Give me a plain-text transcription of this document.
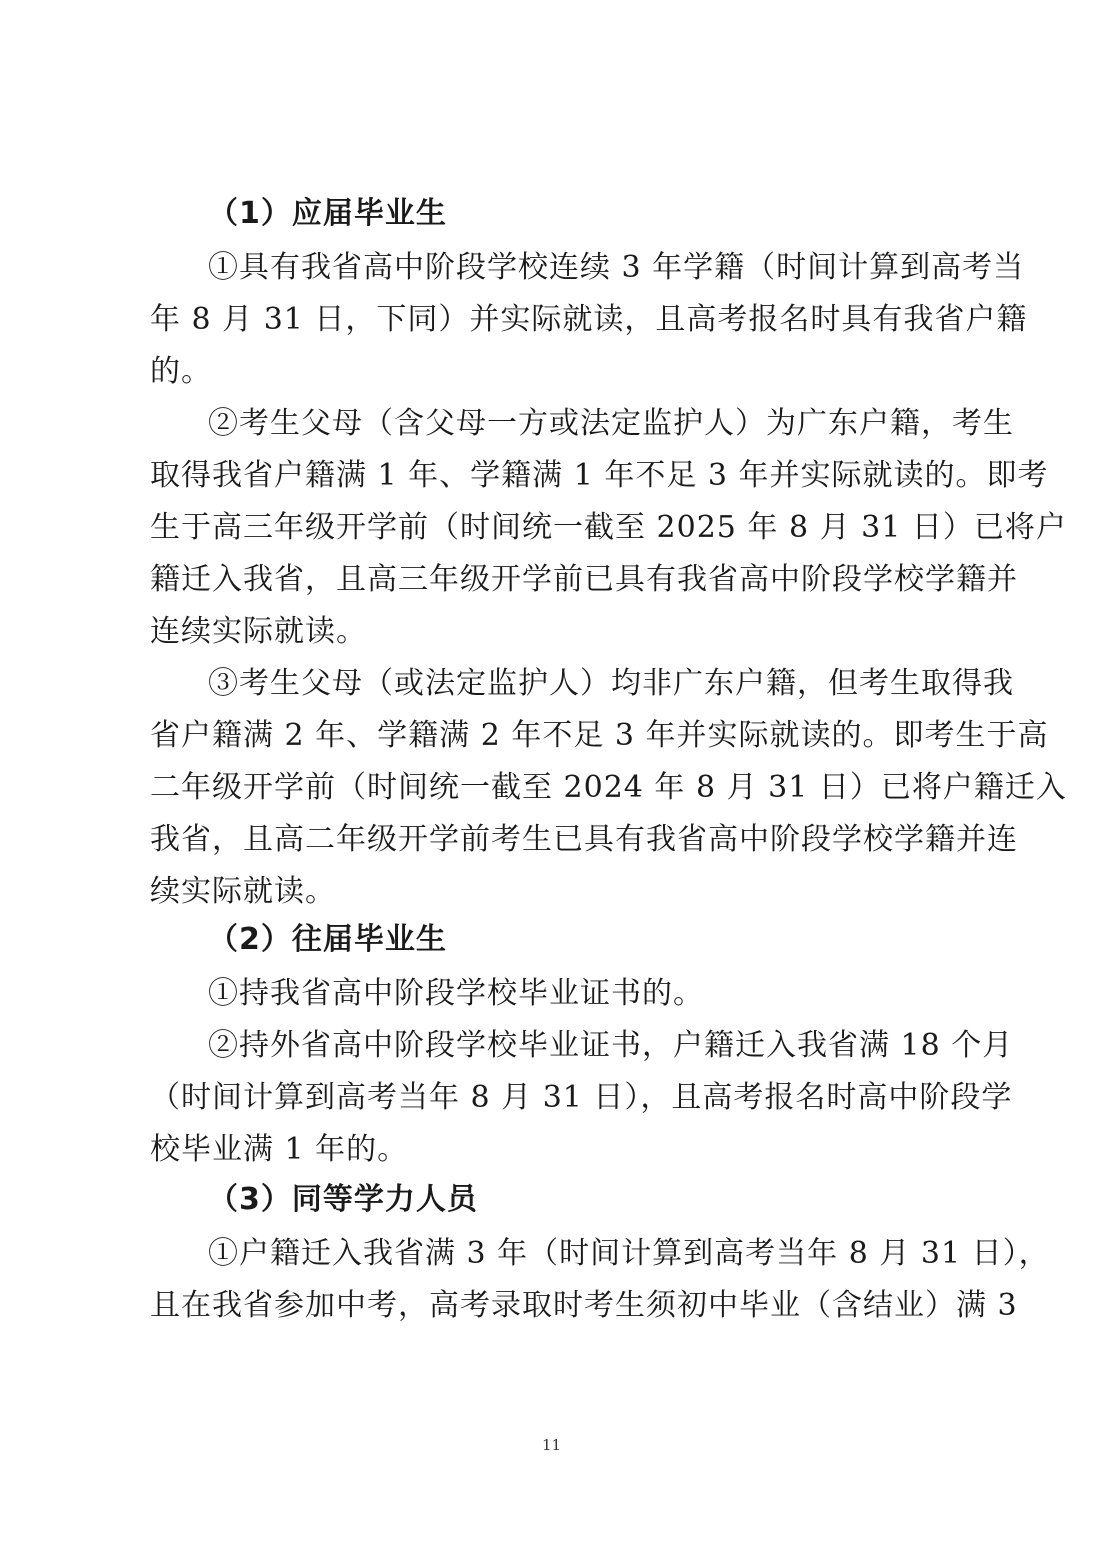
（1）应届毕业生
①具有我省高中阶段学校连续 3 年学籍（时间计算到高考当
年 8 月 31 日，下同）并实际就读，且高考报名时具有我省户籍
的。
②考生父母（含父母一方或法定监护人）为广东户籍，考生
取得我省户籍满 1 年、学籍满 1 年不足 3 年并实际就读的。即考
生于高三年级开学前（时间统一截至 2025 年 8 月 31 日）已将户
籍迁入我省，且高三年级开学前已具有我省高中阶段学校学籍并
连续实际就读。
③考生父母（或法定监护人）均非广东户籍，但考生取得我
省户籍满 2 年、学籍满 2 年不足 3 年并实际就读的。即考生于高
二年级开学前（时间统一截至 2024 年 8 月 31 日）已将户籍迁入
我省，且高二年级开学前考生已具有我省高中阶段学校学籍并连
续实际就读。
（2）往届毕业生
①持我省高中阶段学校毕业证书的。
②持外省高中阶段学校毕业证书，户籍迁入我省满 18 个月
（时间计算到高考当年 8 月 31 日），且高考报名时高中阶段学
校毕业满 1 年的。
（3）同等学力人员
①户籍迁入我省满 3 年（时间计算到高考当年 8 月 31 日），
且在我省参加中考，高考录取时考生须初中毕业（含结业）满 3
11
